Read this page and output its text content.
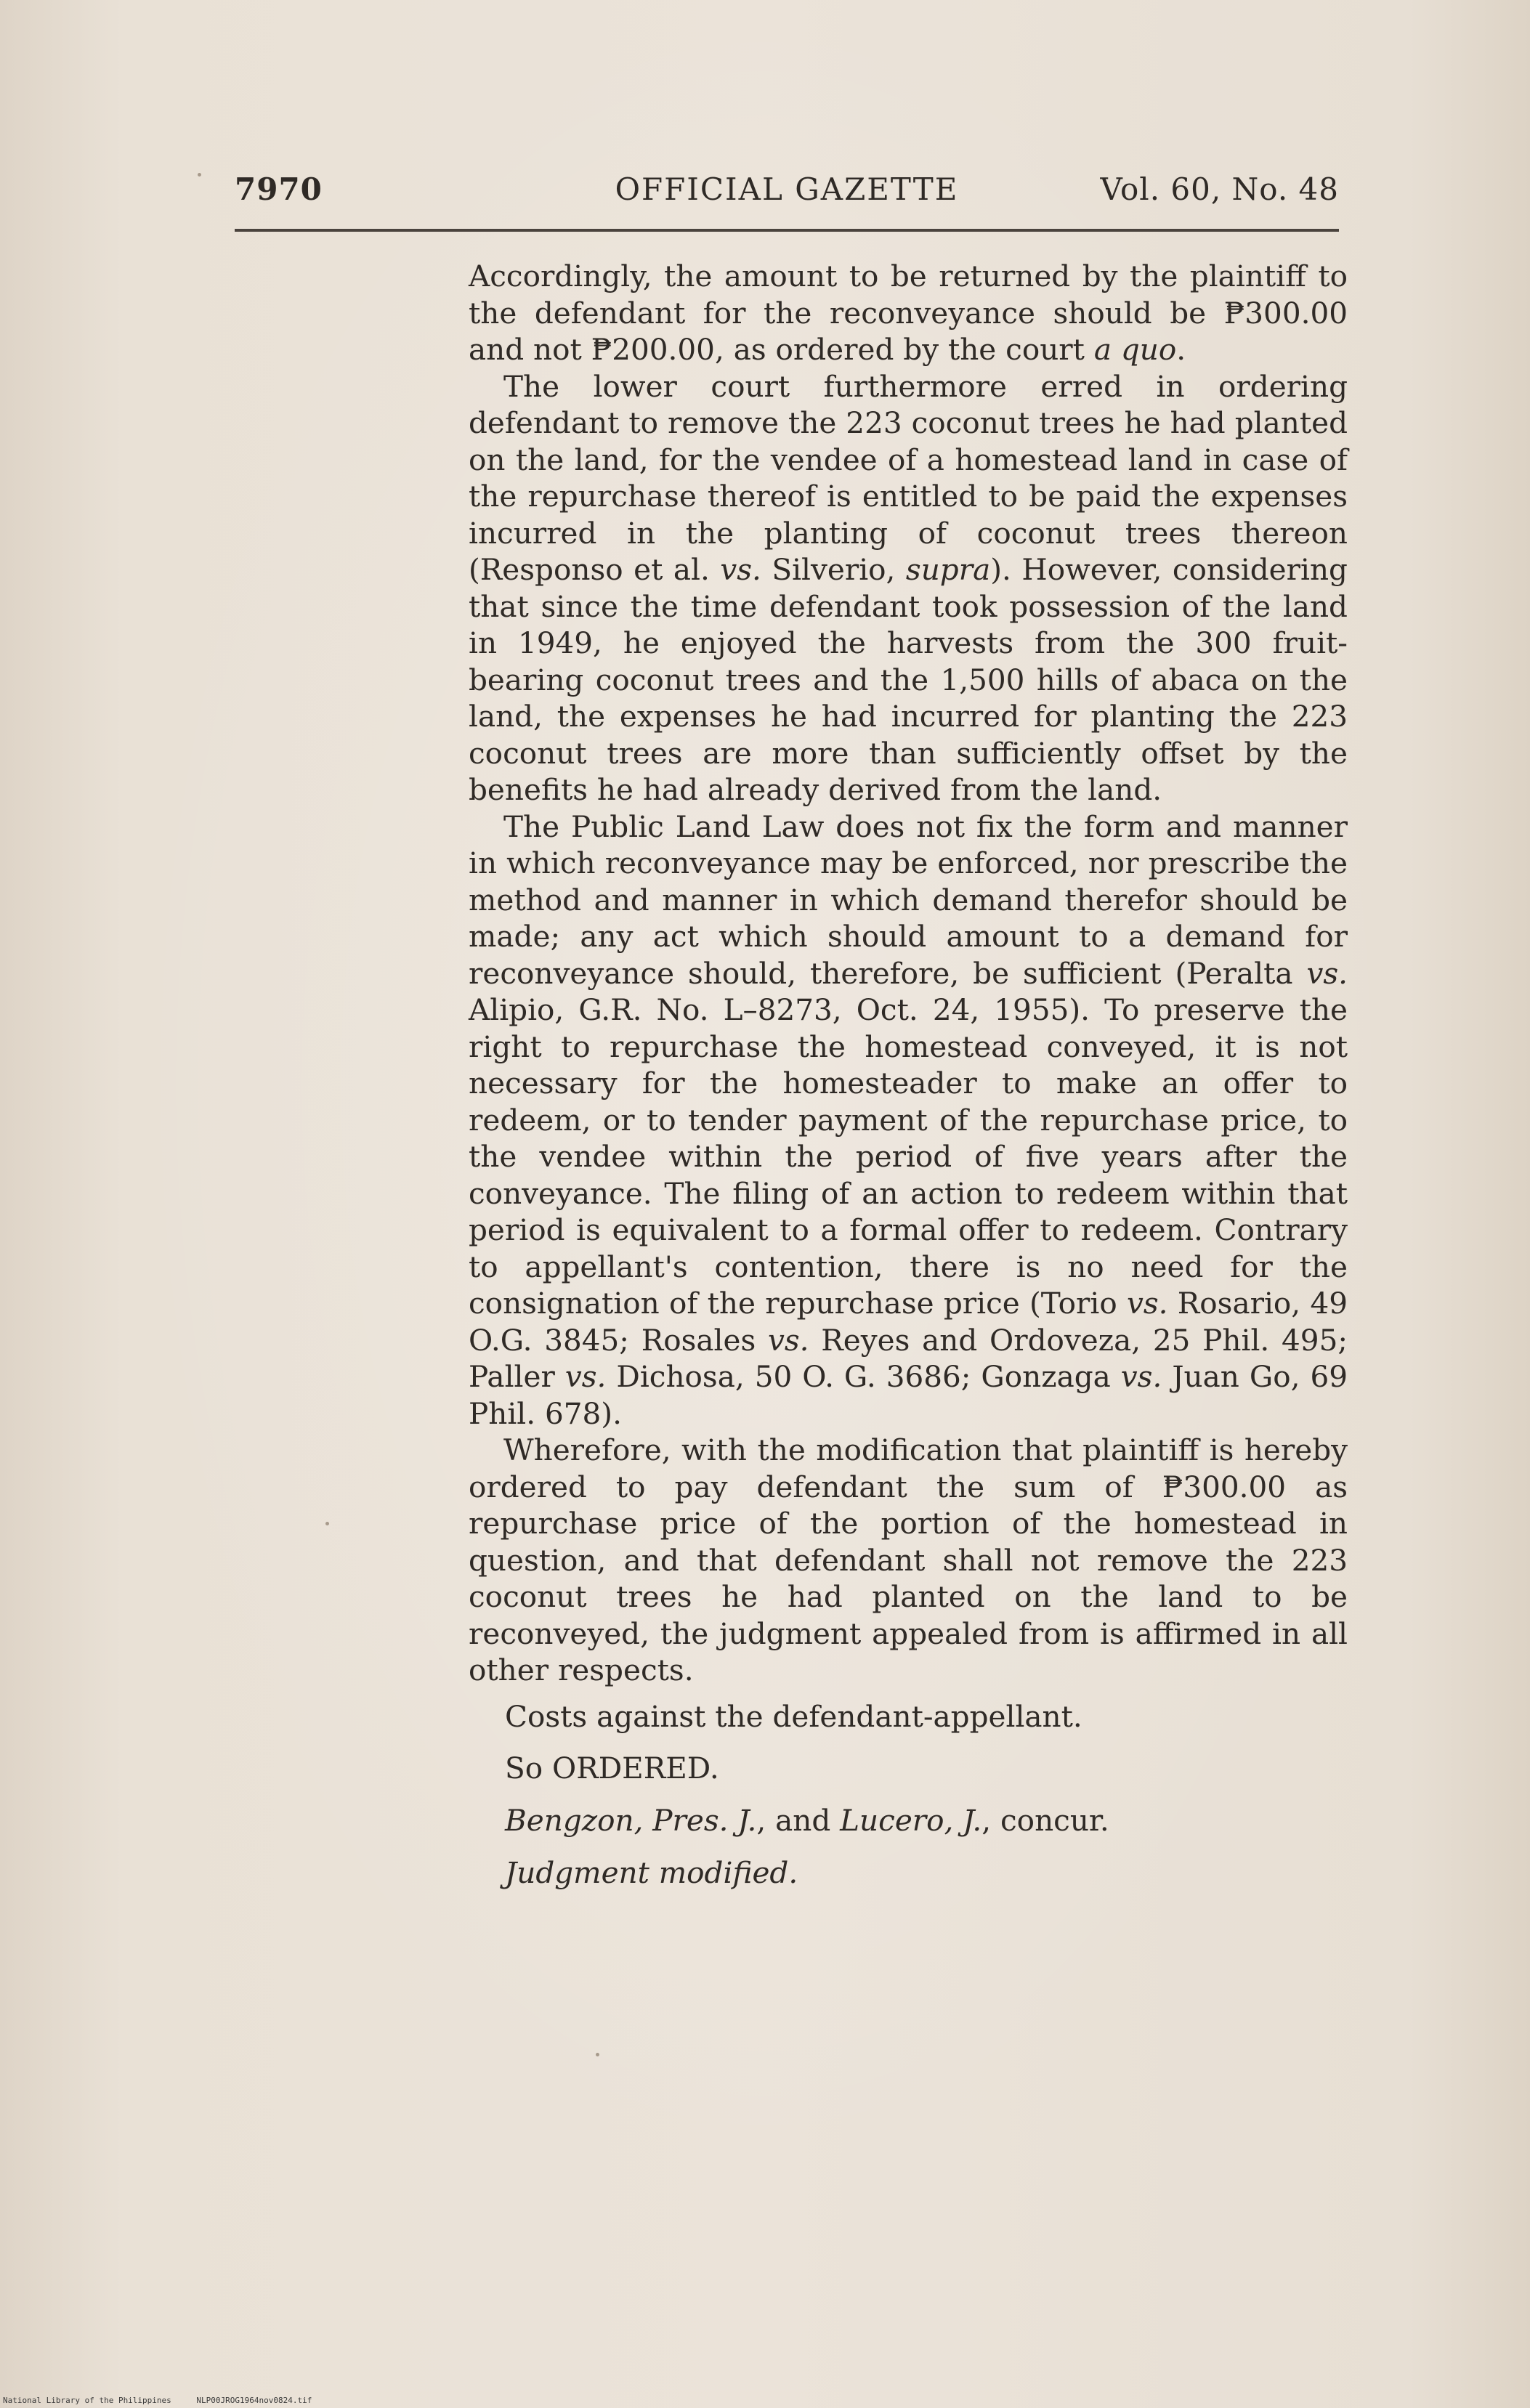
7970	OFFICIAL GAZETTE	Vol. 60, No. 48

Accordingly, the amount to be returned by the plaintiff to the defendant for the reconveyance should be ₱300.00 and not ₱200.00, as ordered by the court a quo.

The lower court furthermore erred in ordering defendant to remove the 223 coconut trees he had planted on the land, for the vendee of a homestead land in case of the repurchase thereof is entitled to be paid the expenses incurred in the planting of coconut trees thereon (Responso et al. vs. Silverio, supra). However, considering that since the time defendant took possession of the land in 1949, he enjoyed the harvests from the 300 fruit-bearing coconut trees and the 1,500 hills of abaca on the land, the expenses he had incurred for planting the 223 coconut trees are more than sufficiently offset by the benefits he had already derived from the land.

The Public Land Law does not fix the form and manner in which reconveyance may be enforced, nor prescribe the method and manner in which demand therefor should be made; any act which should amount to a demand for reconveyance should, therefore, be sufficient (Peralta vs. Alipio, G.R. No. L–8273, Oct. 24, 1955). To preserve the right to repurchase the homestead conveyed, it is not necessary for the homesteader to make an offer to redeem, or to tender payment of the repurchase price, to the vendee within the period of five years after the conveyance. The filing of an action to redeem within that period is equivalent to a formal offer to redeem. Contrary to appellant's contention, there is no need for the consignation of the repurchase price (Torio vs. Rosario, 49 O.G. 3845; Rosales vs. Reyes and Ordoveza, 25 Phil. 495; Paller vs. Dichosa, 50 O. G. 3686; Gonzaga vs. Juan Go, 69 Phil. 678).

Wherefore, with the modification that plaintiff is hereby ordered to pay defendant the sum of ₱300.00 as repurchase price of the portion of the homestead in question, and that defendant shall not remove the 223 coconut trees he had planted on the land to be reconveyed, the judgment appealed from is affirmed in all other respects.

Costs against the defendant-appellant.
So ORDERED.
Bengzon, Pres. J., and Lucero, J., concur.
Judgment modified.
National Library of the Philippines	NLP00JROG1964nov0824.tif
